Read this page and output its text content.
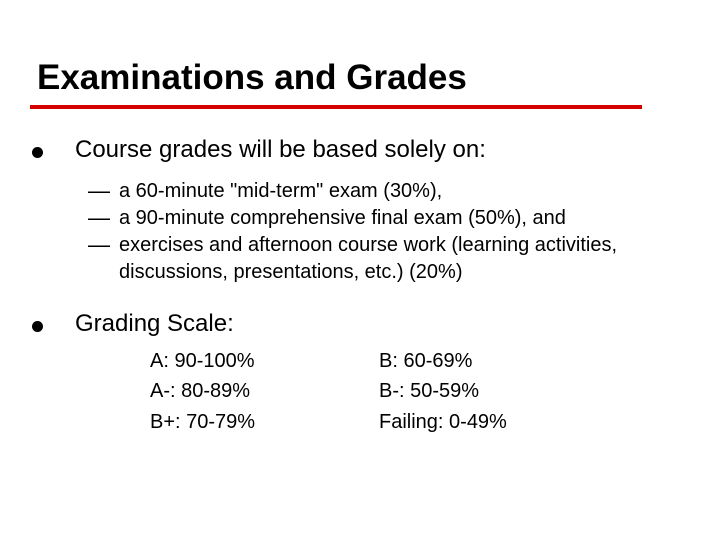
Examinations and Grades
Course grades will be based solely on:
— a 60-minute "mid-term" exam (30%),
— a 90-minute comprehensive final exam (50%), and
— exercises and afternoon course work (learning activities, discussions, presentations, etc.) (20%)
Grading Scale:
A: 90-100%
A-: 80-89%
B+: 70-79%
B: 60-69%
B-: 50-59%
Failing: 0-49%
